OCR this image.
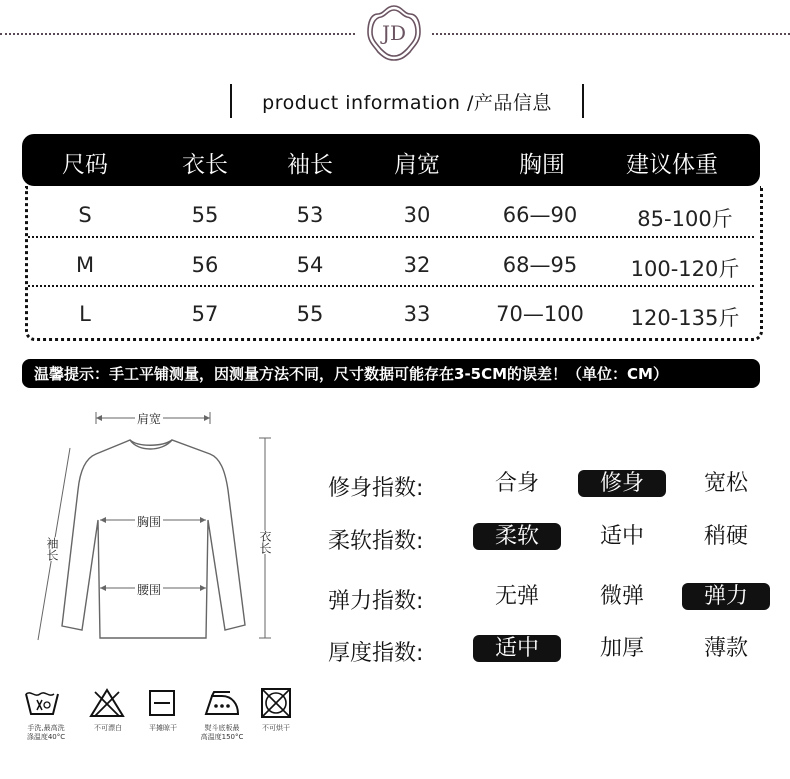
JD
product information /产品信息
尺码	衣长	袖长	肩宽	胸围	建议体重
S	55	53	30	66—90	85-100斤
M	56	54	32	68—95	100-120斤
L	57	55	33	70—100	120-135斤
温馨提示：手工平铺测量，因测量方法不同，尺寸数据可能存在3-5CM的误差！（单位：CM）
肩宽
胸围
腰围
袖长	衣长
修身指数:	合身	修身	宽松
柔软指数:	柔软	适中	稍硬
弹力指数:	无弹	微弹	弹力
厚度指数:	适中	加厚	薄款
手洗,最高洗
涤温度40°C
不可漂白	平摊晾干	熨斗底板最
高温度150°C
不可烘干
